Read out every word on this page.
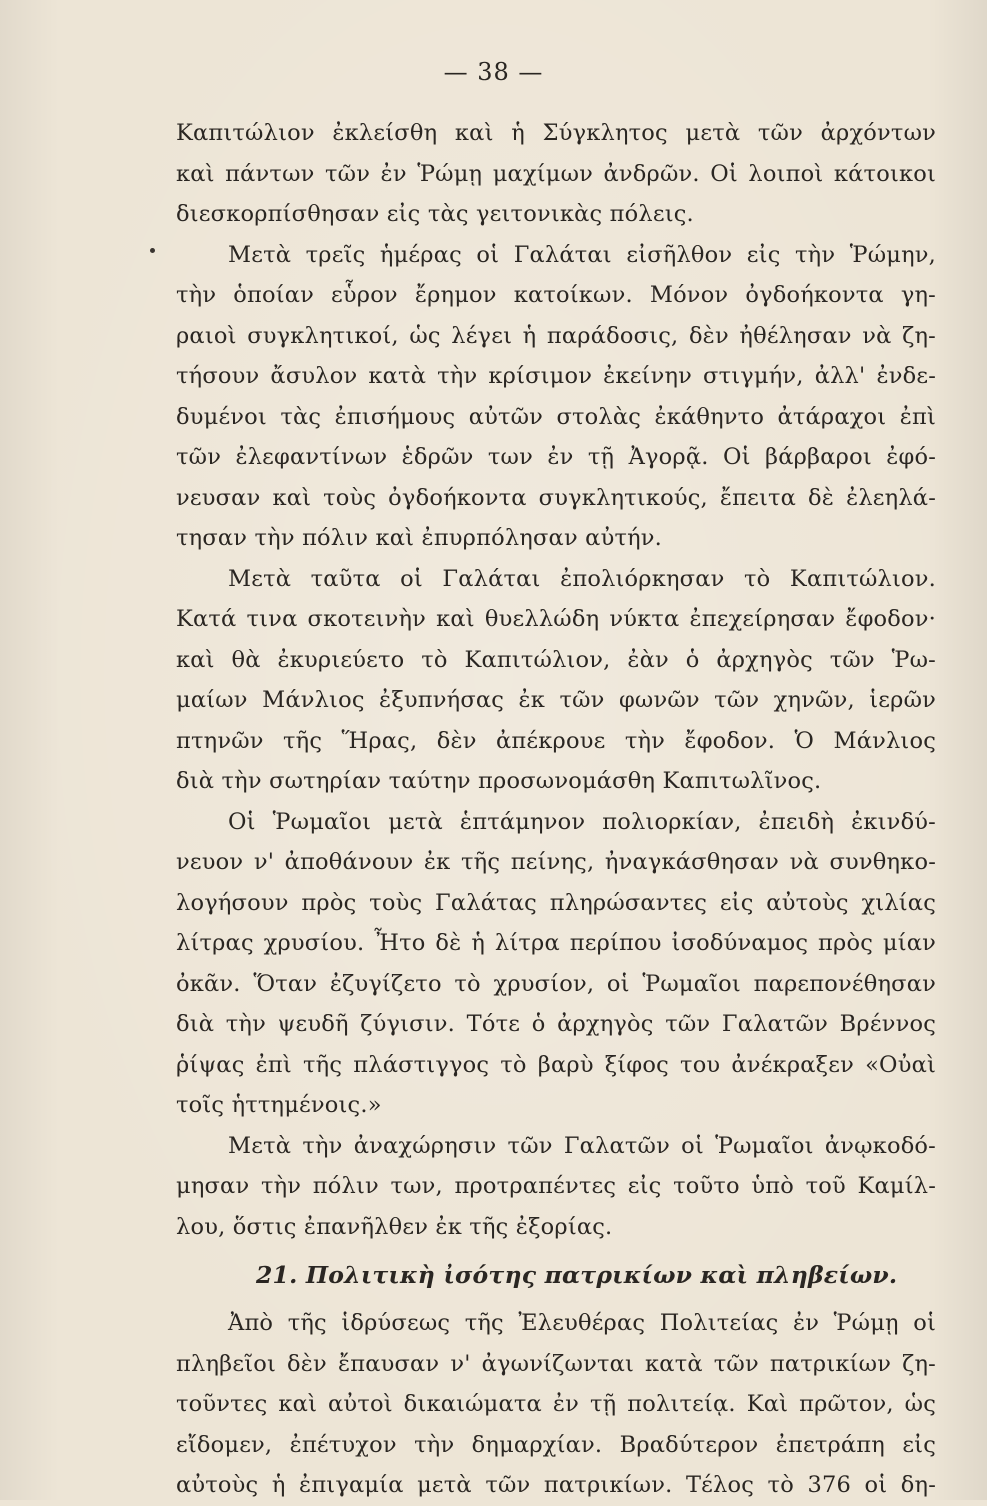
— 38 —
Καπιτώλιον ἐκλείσθη καὶ ἡ Σύγκλητος μετὰ τῶν ἀρχόντων
καὶ πάντων τῶν ἐν Ῥώμῃ μαχίμων ἀνδρῶν. Οἱ λοιποὶ κάτοικοι
διεσκορπίσθησαν εἰς τὰς γειτονικὰς πόλεις.
Μετὰ τρεῖς ἡμέρας οἱ Γαλάται εἰσῆλθον εἰς τὴν Ῥώμην,
τὴν ὁποίαν εὗρον ἔρημον κατοίκων. Μόνον ὀγδοήκοντα γη-
ραιοὶ συγκλητικοί, ὡς λέγει ἡ παράδοσις, δὲν ἠθέλησαν νὰ ζη-
τήσουν ἄσυλον κατὰ τὴν κρίσιμον ἐκείνην στιγμήν, ἀλλ' ἐνδε-
δυμένοι τὰς ἐπισήμους αὐτῶν στολὰς ἐκάθηντο ἀτάραχοι ἐπὶ
τῶν ἐλεφαντίνων ἑδρῶν των ἐν τῇ Ἀγορᾷ. Οἱ βάρβαροι ἐφό-
νευσαν καὶ τοὺς ὀγδοήκοντα συγκλητικούς, ἔπειτα δὲ ἐλεηλά-
τησαν τὴν πόλιν καὶ ἐπυρπόλησαν αὐτήν.
Μετὰ ταῦτα οἱ Γαλάται ἐπολιόρκησαν τὸ Καπιτώλιον.
Κατά τινα σκοτεινὴν καὶ θυελλώδη νύκτα ἐπεχείρησαν ἔφοδον·
καὶ θὰ ἐκυριεύετο τὸ Καπιτώλιον, ἐὰν ὁ ἀρχηγὸς τῶν Ῥω-
μαίων Μάνλιος ἐξυπνήσας ἐκ τῶν φωνῶν τῶν χηνῶν, ἱερῶν
πτηνῶν τῆς Ἥρας, δὲν ἀπέκρουε τὴν ἔφοδον. Ὁ Μάνλιος
διὰ τὴν σωτηρίαν ταύτην προσωνομάσθη Καπιτωλῖνος.
Οἱ Ῥωμαῖοι μετὰ ἑπτάμηνον πολιορκίαν, ἐπειδὴ ἐκινδύ-
νευον ν' ἀποθάνουν ἐκ τῆς πείνης, ἠναγκάσθησαν νὰ συνθηκο-
λογήσουν πρὸς τοὺς Γαλάτας πληρώσαντες εἰς αὐτοὺς χιλίας
λίτρας χρυσίου. Ἦτο δὲ ἡ λίτρα περίπου ἰσοδύναμος πρὸς μίαν
ὀκᾶν. Ὅταν ἐζυγίζετο τὸ χρυσίον, οἱ Ῥωμαῖοι παρεπονέθησαν
διὰ τὴν ψευδῆ ζύγισιν. Τότε ὁ ἀρχηγὸς τῶν Γαλατῶν Βρέννος
ῥίψας ἐπὶ τῆς πλάστιγγος τὸ βαρὺ ξίφος του ἀνέκραξεν «Οὐαὶ
τοῖς ἡττημένοις.»
Μετὰ τὴν ἀναχώρησιν τῶν Γαλατῶν οἱ Ῥωμαῖοι ἀνῳκοδό-
μησαν τὴν πόλιν των, προτραπέντες εἰς τοῦτο ὑπὸ τοῦ Καμίλ-
λου, ὅστις ἐπανῆλθεν ἐκ τῆς ἐξορίας.
21. Πολιτικὴ ἰσότης πατρικίων καὶ πληβείων.
Ἀπὸ τῆς ἱδρύσεως τῆς Ἐλευθέρας Πολιτείας ἐν Ῥώμῃ οἱ
πληβεῖοι δὲν ἔπαυσαν ν' ἀγωνίζωνται κατὰ τῶν πατρικίων ζη-
τοῦντες καὶ αὐτοὶ δικαιώματα ἐν τῇ πολιτείᾳ. Καὶ πρῶτον, ὡς
εἴδομεν, ἐπέτυχον τὴν δημαρχίαν. Βραδύτερον ἐπετράπη εἰς
αὐτοὺς ἡ ἐπιγαμία μετὰ τῶν πατρικίων. Τέλος τὸ 376 οἱ δη-
